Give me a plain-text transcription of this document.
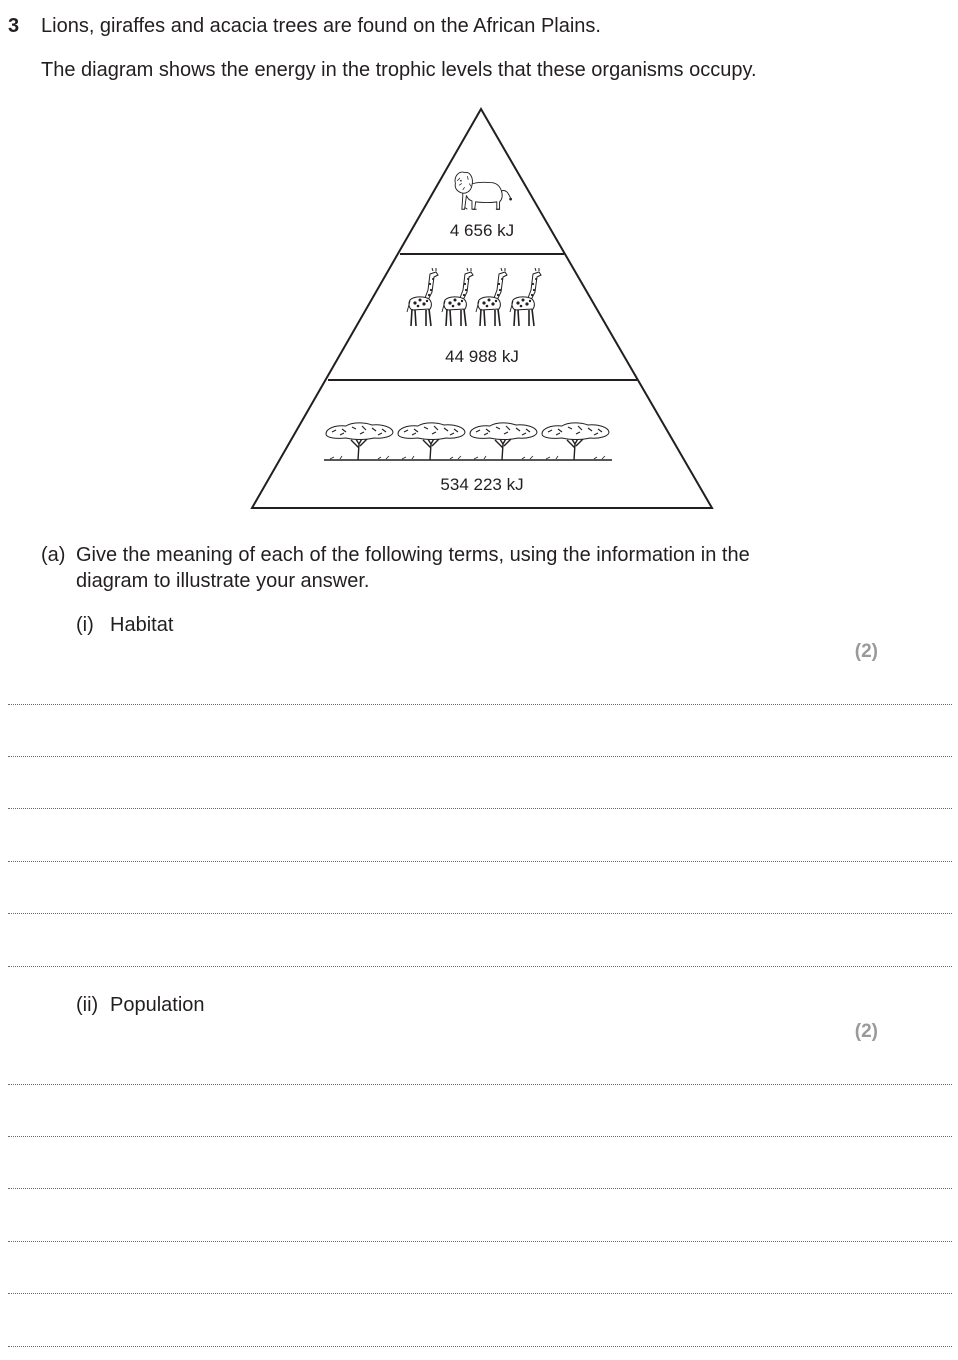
3 Lions, giraffes and acacia trees are found on the African Plains.
The diagram shows the energy in the trophic levels that these organisms occupy.
4 656 kJ
44 988 kJ
534 223 kJ
(a) Give the meaning of each of the following terms, using the information in the
diagram to illustrate your answer.
(i) Habitat
(2)
(ii) Population
(2)
